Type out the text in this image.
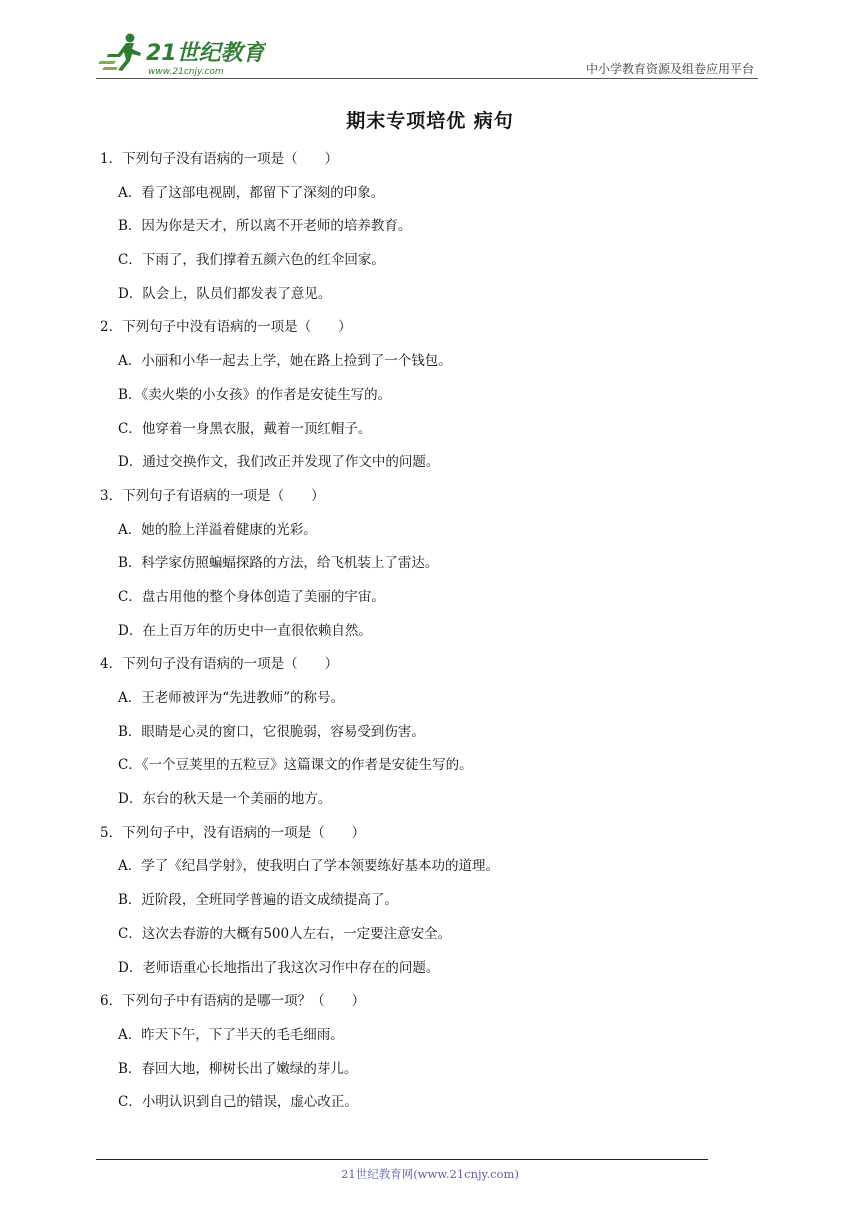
21世纪教育
www.21cnjy.com	中小学教育资源及组卷应用平台
期末专项培优 病句
1．下列句子没有语病的一项是（　　）
A．看了这部电视剧，都留下了深刻的印象。
B．因为你是天才，所以离不开老师的培养教育。
C．下雨了，我们撑着五颜六色的红伞回家。
D．队会上，队员们都发表了意见。
2．下列句子中没有语病的一项是（　　）
A．小丽和小华一起去上学，她在路上捡到了一个钱包。
B．《卖火柴的小女孩》的作者是安徒生写的。
C．他穿着一身黑衣服，戴着一顶红帽子。
D．通过交换作文，我们改正并发现了作文中的问题。
3．下列句子有语病的一项是（　　）
A．她的脸上洋溢着健康的光彩。
B．科学家仿照蝙蝠探路的方法，给飞机装上了雷达。
C．盘古用他的整个身体创造了美丽的宇宙。
D．在上百万年的历史中一直很依赖自然。
4．下列句子没有语病的一项是（　　）
A．王老师被评为“先进教师”的称号。
B．眼睛是心灵的窗口，它很脆弱，容易受到伤害。
C．《一个豆荚里的五粒豆》这篇课文的作者是安徒生写的。
D．东台的秋天是一个美丽的地方。
5．下列句子中，没有语病的一项是（　　）
A．学了《纪昌学射》，使我明白了学本领要练好基本功的道理。
B．近阶段，全班同学普遍的语文成绩提高了。
C．这次去春游的大概有500人左右，一定要注意安全。
D．老师语重心长地指出了我这次习作中存在的问题。
6．下列句子中有语病的是哪一项？（　　）
A．昨天下午，下了半天的毛毛细雨。
B．春回大地，柳树长出了嫩绿的芽儿。
C．小明认识到自己的错误，虚心改正。
21世纪教育网(www.21cnjy.com)
